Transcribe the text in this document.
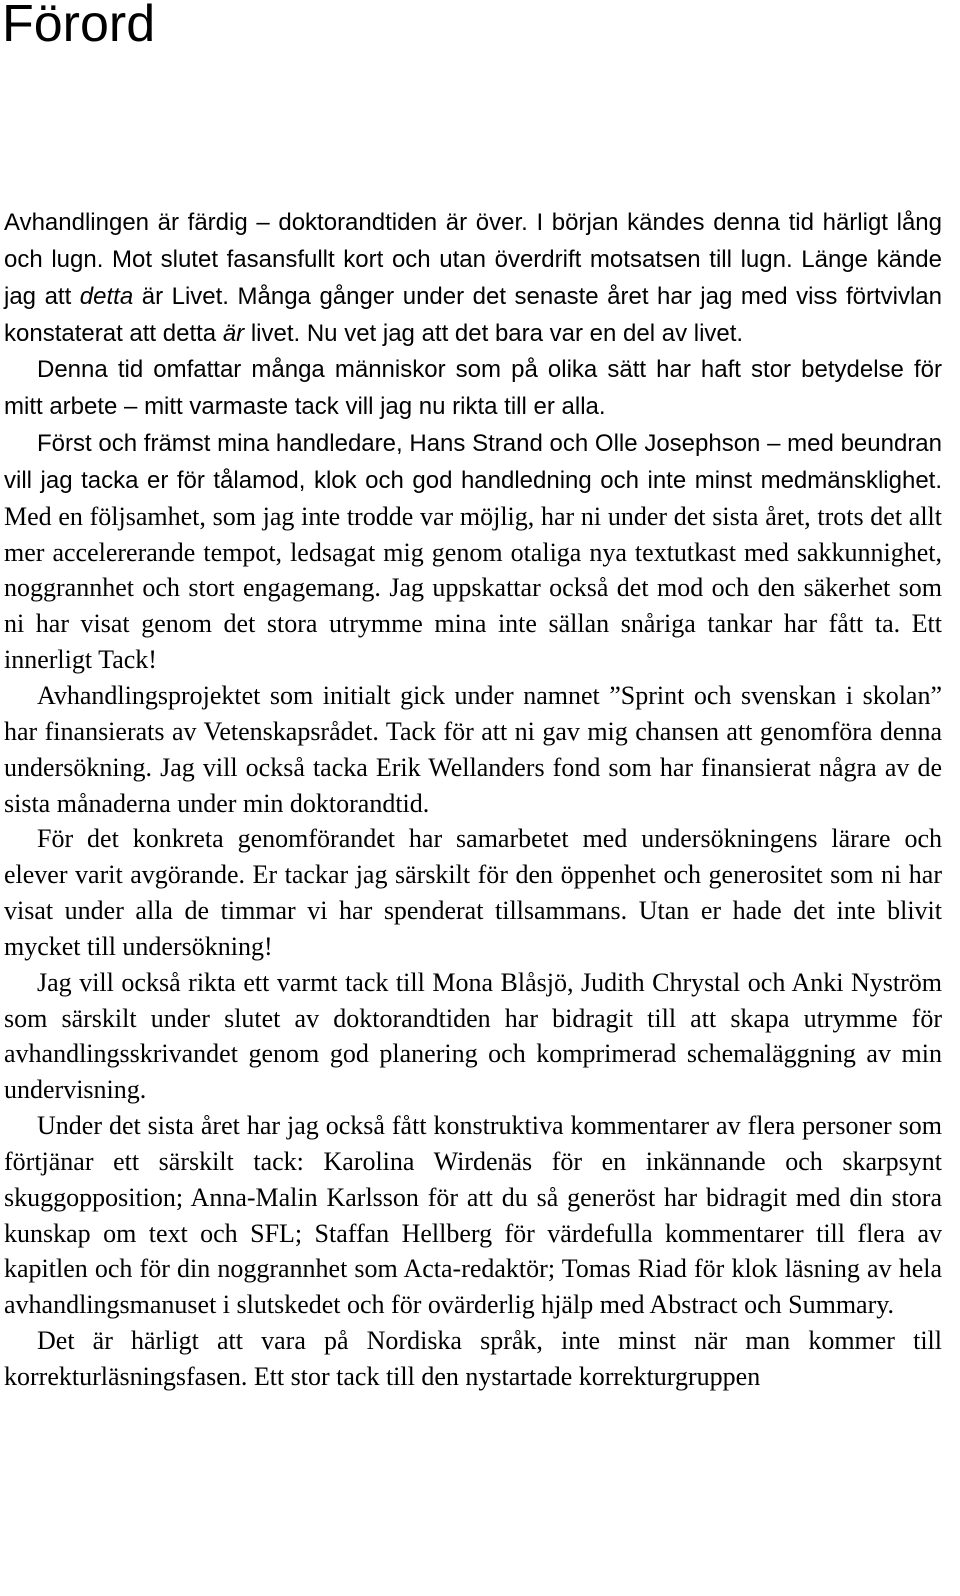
Förord

Avhandlingen är färdig – doktorandtiden är över. I början kändes denna tid härligt lång och lugn. Mot slutet fasansfullt kort och utan överdrift motsatsen till lugn. Länge kände jag att detta är Livet. Många gånger under det senaste året har jag med viss förtvivlan konstaterat att detta är livet. Nu vet jag att det bara var en del av livet.

Denna tid omfattar många människor som på olika sätt har haft stor betydelse för mitt arbete – mitt varmaste tack vill jag nu rikta till er alla.

Först och främst mina handledare, Hans Strand och Olle Josephson – med beundran vill jag tacka er för tålamod, klok och god handledning och inte minst medmänsklighet. Med en följsamhet, som jag inte trodde var möjlig, har ni under det sista året, trots det allt mer accelererande tempot, ledsagat mig genom otaliga nya textutkast med sakkunnighet, noggrannhet och stort engagemang. Jag uppskattar också det mod och den säkerhet som ni har visat genom det stora utrymme mina inte sällan snåriga tankar har fått ta. Ett innerligt Tack!

Avhandlingsprojektet som initialt gick under namnet ”Sprint och svenskan i skolan” har finansierats av Vetenskapsrådet. Tack för att ni gav mig chansen att genomföra denna undersökning. Jag vill också tacka Erik Wellanders fond som har finansierat några av de sista månaderna under min doktorandtid.

För det konkreta genomförandet har samarbetet med undersökningens lärare och elever varit avgörande. Er tackar jag särskilt för den öppenhet och generositet som ni har visat under alla de timmar vi har spenderat tillsammans. Utan er hade det inte blivit mycket till undersökning!

Jag vill också rikta ett varmt tack till Mona Blåsjö, Judith Chrystal och Anki Nyström som särskilt under slutet av doktorandtiden har bidragit till att skapa utrymme för avhandlingsskrivandet genom god planering och komprimerad schemaläggning av min undervisning.

Under det sista året har jag också fått konstruktiva kommentarer av flera personer som förtjänar ett särskilt tack: Karolina Wirdenäs för en inkännande och skarpsynt skuggopposition; Anna-Malin Karlsson för att du så generöst har bidragit med din stora kunskap om text och SFL; Staffan Hellberg för värdefulla kommentarer till flera av kapitlen och för din noggrannhet som Acta-redaktör; Tomas Riad för klok läsning av hela avhandlingsmanuset i slutskedet och för ovärderlig hjälp med Abstract och Summary.

Det är härligt att vara på Nordiska språk, inte minst när man kommer till korrekturläsningsfasen. Ett stor tack till den nystartade korrekturgruppen
